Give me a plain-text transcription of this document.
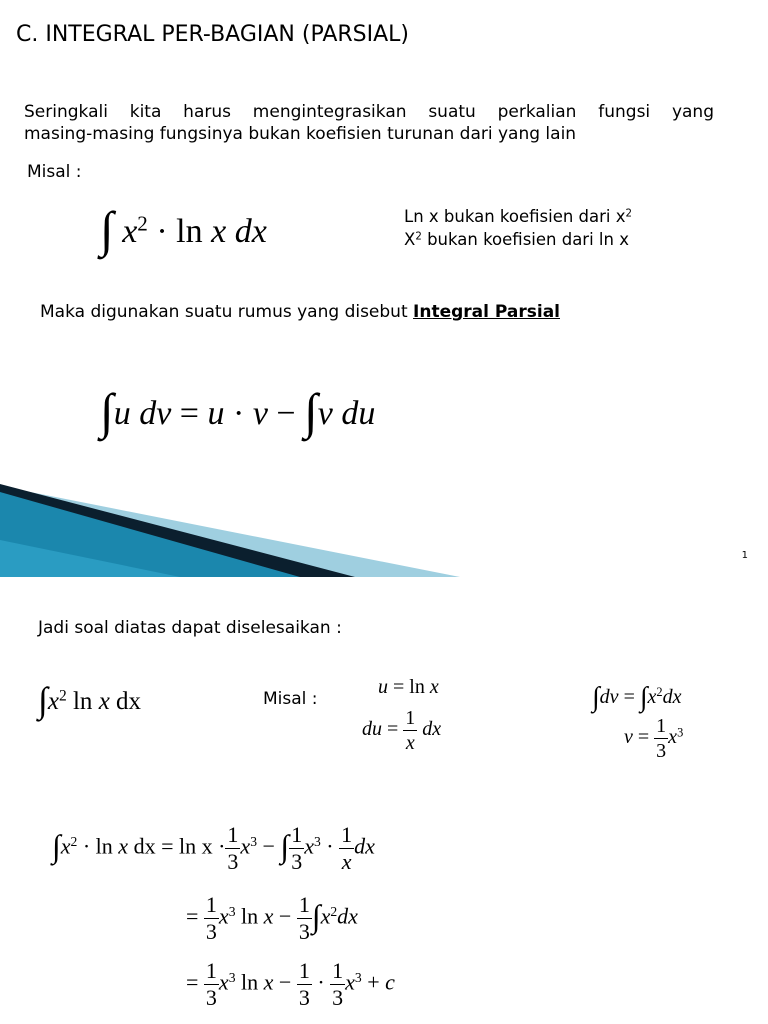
C. INTEGRAL PER-BAGIAN (PARSIAL)
Seringkali kita harus mengintegrasikan suatu perkalian fungsi yang
masing-masing fungsinya bukan koefisien turunan dari yang lain
Misal :
∫ $x^2 \cdot \ln x$ dx	Ln x bukan koefisien dari $x^2$
$X^2$ bukan koefisien dari ln x
Maka digunakan suatu rumus yang disebut Integral Parsial
∫u dv = u · v − ∫v du
1
Jadi soal diatas dapat diselesaikan :
$\int x^2$ ln x dx	Misal :
u = ln x
du = $\frac{1}{x}$ dx
$\int dv = \int x^2dx$
$v = \frac{1}{3} x^3$
$\int x^2 \cdot \ln x$ dx = $\ln x \cdot \frac{1}{3} x^3$ − ∫ $\frac{1}{3} x^3 \cdot \frac{1}{x}$ dx
= $\frac{1}{3} x^3$ $\ln x - \frac{1}{3} \int x^2dx$
= $\frac{1}{3} x^3$ $\ln x - \frac{1}{3} \cdot \frac{1}{3} x^3 + c$
